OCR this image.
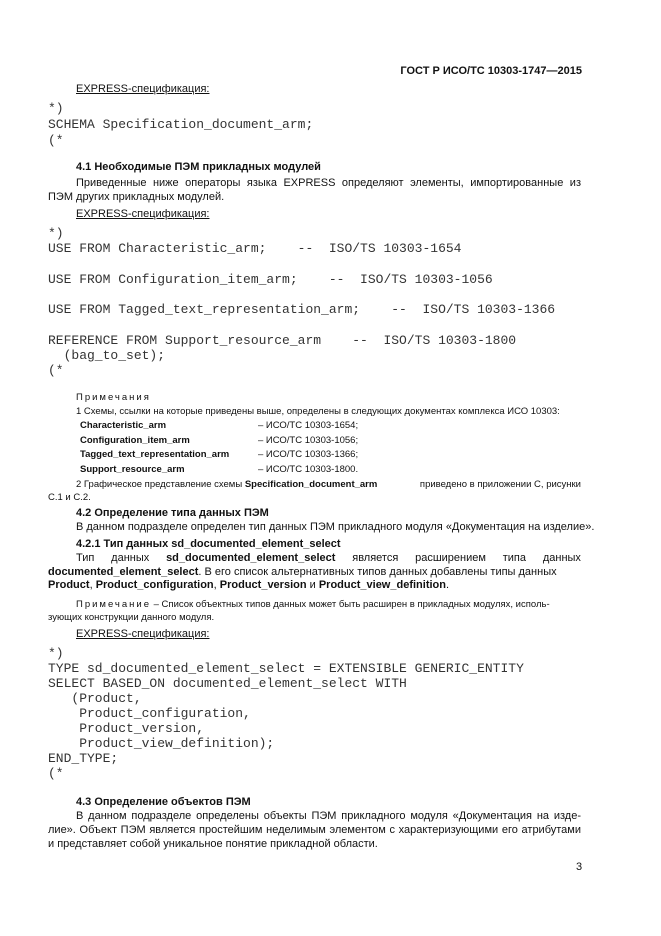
ГОСТ Р ИСО/ТС 10303-1747—2015
EXPRESS-спецификация:
*)
SCHEMA Specification_document_arm;
(*
4.1 Необходимые ПЭМ прикладных модулей
Приведенные ниже операторы языка EXPRESS определяют элементы, импортированные из
ПЭМ других прикладных модулей.
EXPRESS-спецификация:
*)
USE FROM Characteristic_arm;    --  ISO/TS 10303-1654
USE FROM Configuration_item_arm;    --  ISO/TS 10303-1056
USE FROM Tagged_text_representation_arm;    --  ISO/TS 10303-1366
REFERENCE FROM Support_resource_arm    --  ISO/TS 10303-1800
(bag_to_set);
(*
Примечания
1 Схемы, ссылки на которые приведены выше, определены в следующих документах комплекса ИСО 10303:
Characteristic_arm	– ИСО/ТС 10303-1654;
Configuration_item_arm	– ИСО/ТС 10303-1056;
Tagged_text_representation_arm	– ИСО/ТС 10303-1366;
Support_resource_arm	– ИСО/ТС 10303-1800.
2 Графическое представление схемы Specification_document_arm	приведено в приложении С, рисунки
С.1 и С.2.
4.2 Определение типа данных ПЭМ
В данном подразделе определен тип данных ПЭМ прикладного модуля «Документация на изделие».
4.2.1 Тип данных sd_documented_element_select
Тип данных sd_documented_element_select является расширением типа данных
documented_element_select. В его список альтернативных типов данных добавлены типы данных
Product, Product_configuration, Product_version и Product_view_definition.
Примечание – Список объектных типов данных может быть расширен в прикладных модулях, исполь-
зующих конструкции данного модуля.
EXPRESS-спецификация:
*)
TYPE sd_documented_element_select = EXTENSIBLE GENERIC_ENTITY
SELECT BASED_ON documented_element_select WITH
(Product,
Product_configuration,
Product_version,
Product_view_definition);
END_TYPE;
(*
4.3 Определение объектов ПЭМ
В данном подразделе определены объекты ПЭМ прикладного модуля «Документация на изде-
лие». Объект ПЭМ является простейшим неделимым элементом с характеризующими его атрибутами
и представляет собой уникальное понятие прикладной области.
3
